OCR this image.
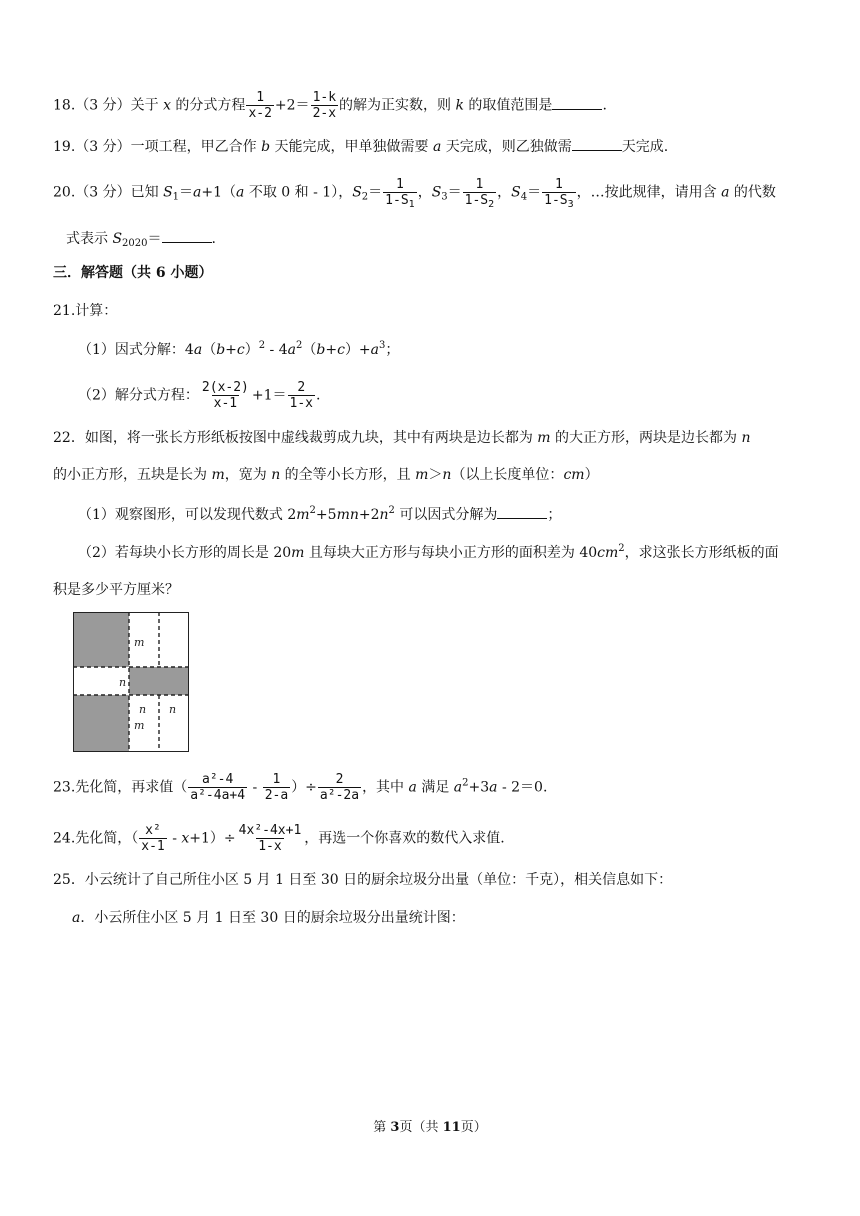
18.（3 分）关于 x 的分式方程 $\frac{1}{x-2} +2= \frac{1-k}{2-x}$ 的解为正实数，则 k 的取值范围是	.
19.（3 分）一项工程，甲乙合作 b 天能完成，甲单独做需要 a 天完成，则乙独做需	天完成.
20.（3 分）已知 $S_1=a+1(a$ 不取 0 和 - 1），$S_2= \frac{1}{1-S_1}$ ，$S_3= \frac{1}{1-S_2}$ ，$S_4= \frac{1}{1-S_3}$ ，…按此规律，请用含 a 的代数
式表示 $S_{2020}=$	.
三．解答题（共 6 小题）
21.计算：
（1）因式分解：$4a(b+c)^2 - 4a^2(b+c)+a^3$；
（2）解分式方程： $\frac{2(x-2)}{x-1} +1= \frac{2}{1-x}$ .
22．如图，将一张长方形纸板按图中虚线裁剪成九块，其中有两块是边长都为 m 的大正方形，两块是边长都为 n
的小正方形，五块是长为 m，宽为 n 的全等小长方形，且 m＞n（以上长度单位：cm）
（1）观察图形，可以发现代数式 $2m^2+5mn+2n^2$ 可以因式分解为	；
（2）若每块小长方形的周长是 20m 且每块大正方形与每块小正方形的面积差为 $40cm^2$，求这张长方形纸板的面
积是多少平方厘米？
m
n
n n
m
23.先化简，再求值（ $\frac{\text{a²-4}}{\text{a²-4a+4}} - \frac{1}{2-a}$ ）÷ $\frac{2}{\text{a²-2a}}$ ，其中 a 满足 $a^2+3a - 2=0$.
24.先化简，（ $\frac{\text{x²}}{x-1} - x+1)\div \frac{\text{4x²-4x+1}}{1-x}$ ，再选一个你喜欢的数代入求值.
25．小云统计了自己所住小区 5 月 1 日至 30 日的厨余垃圾分出量（单位：千克），相关信息如下：
a．小云所住小区 5 月 1 日至 30 日的厨余垃圾分出量统计图：
第 3页（共 11页）
